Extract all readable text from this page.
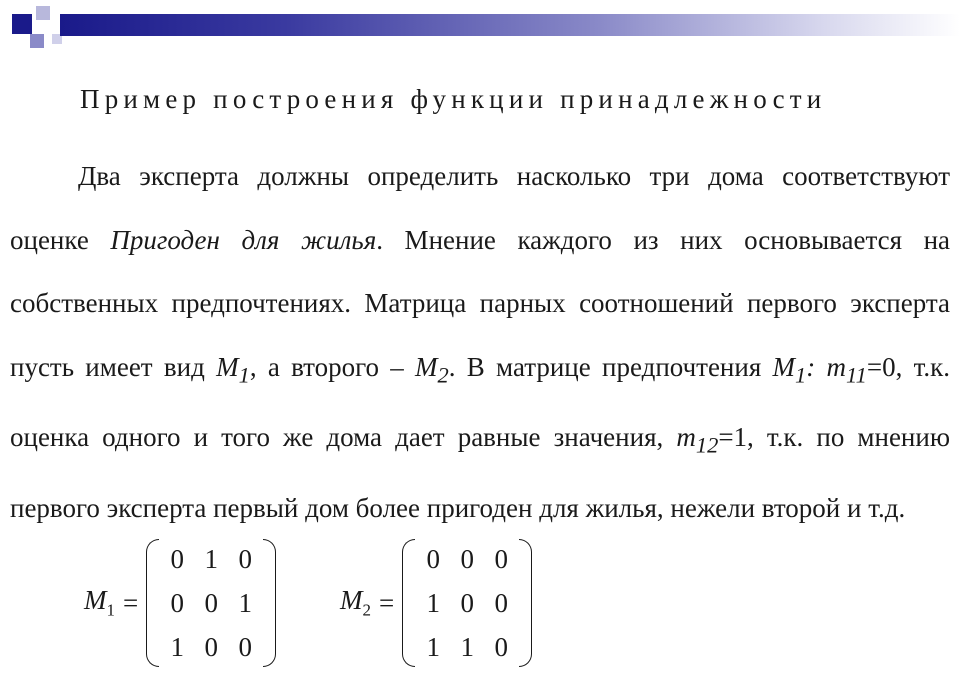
Пример построения функции принадлежности
Два эксперта должны определить насколько три дома соответствуют оценке Пригоден для жилья. Мнение каждого из них основывается на собственных предпочтениях. Матрица парных соотношений первого эксперта пусть имеет вид $M_1$, а второго – $M_2$. В матрице предпочтения $M_1$: $m_{11}=0$, т.к. оценка одного и того же дома дает равные значения, $m_{12}=1$, т.к. по мнению первого эксперта первый дом более пригоден для жилья, нежели второй и т.д.
$M_1$ =
0 1 0
0 0 1
1 0 0
$M_2$ =
0 0 0
1 0 0
1 1 0
